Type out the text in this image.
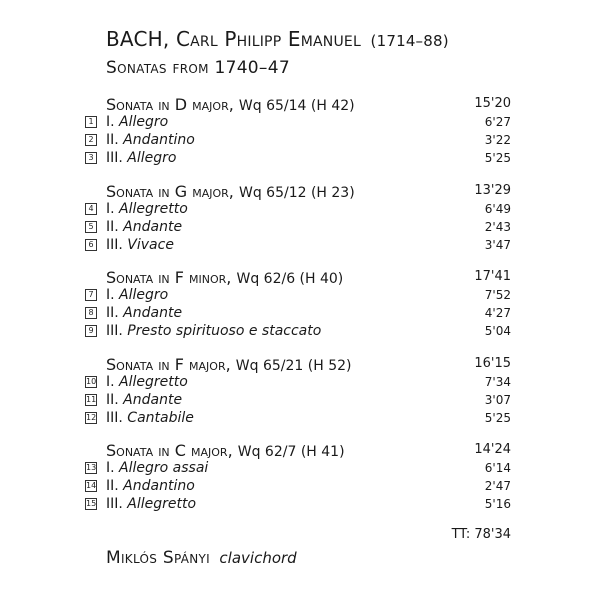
BACH, Carl Philipp Emanuel (1714–88)
Sonatas from 1740–47
Sonata in D major, Wq 65/14 (H 42)	15'20
1 I. Allegro	6'27
2 II. Andantino	3'22
3 III. Allegro	5'25
Sonata in G major, Wq 65/12 (H 23)	13'29
4 I. Allegretto	6'49
5 II. Andante	2'43
6 III. Vivace	3'47
Sonata in F minor, Wq 62/6 (H 40)	17'41
7 I. Allegro	7'52
8 II. Andante	4'27
9 III. Presto spirituoso e staccato	5'04
Sonata in F major, Wq 65/21 (H 52)	16'15
10 I. Allegretto	7'34
11 II. Andante	3'07
12 III. Cantabile	5'25
Sonata in C major, Wq 62/7 (H 41)	14'24
13 I. Allegro assai	6'14
14 II. Andantino	2'47
15 III. Allegretto	5'16
TT: 78'34
Miklós Spányi clavichord
